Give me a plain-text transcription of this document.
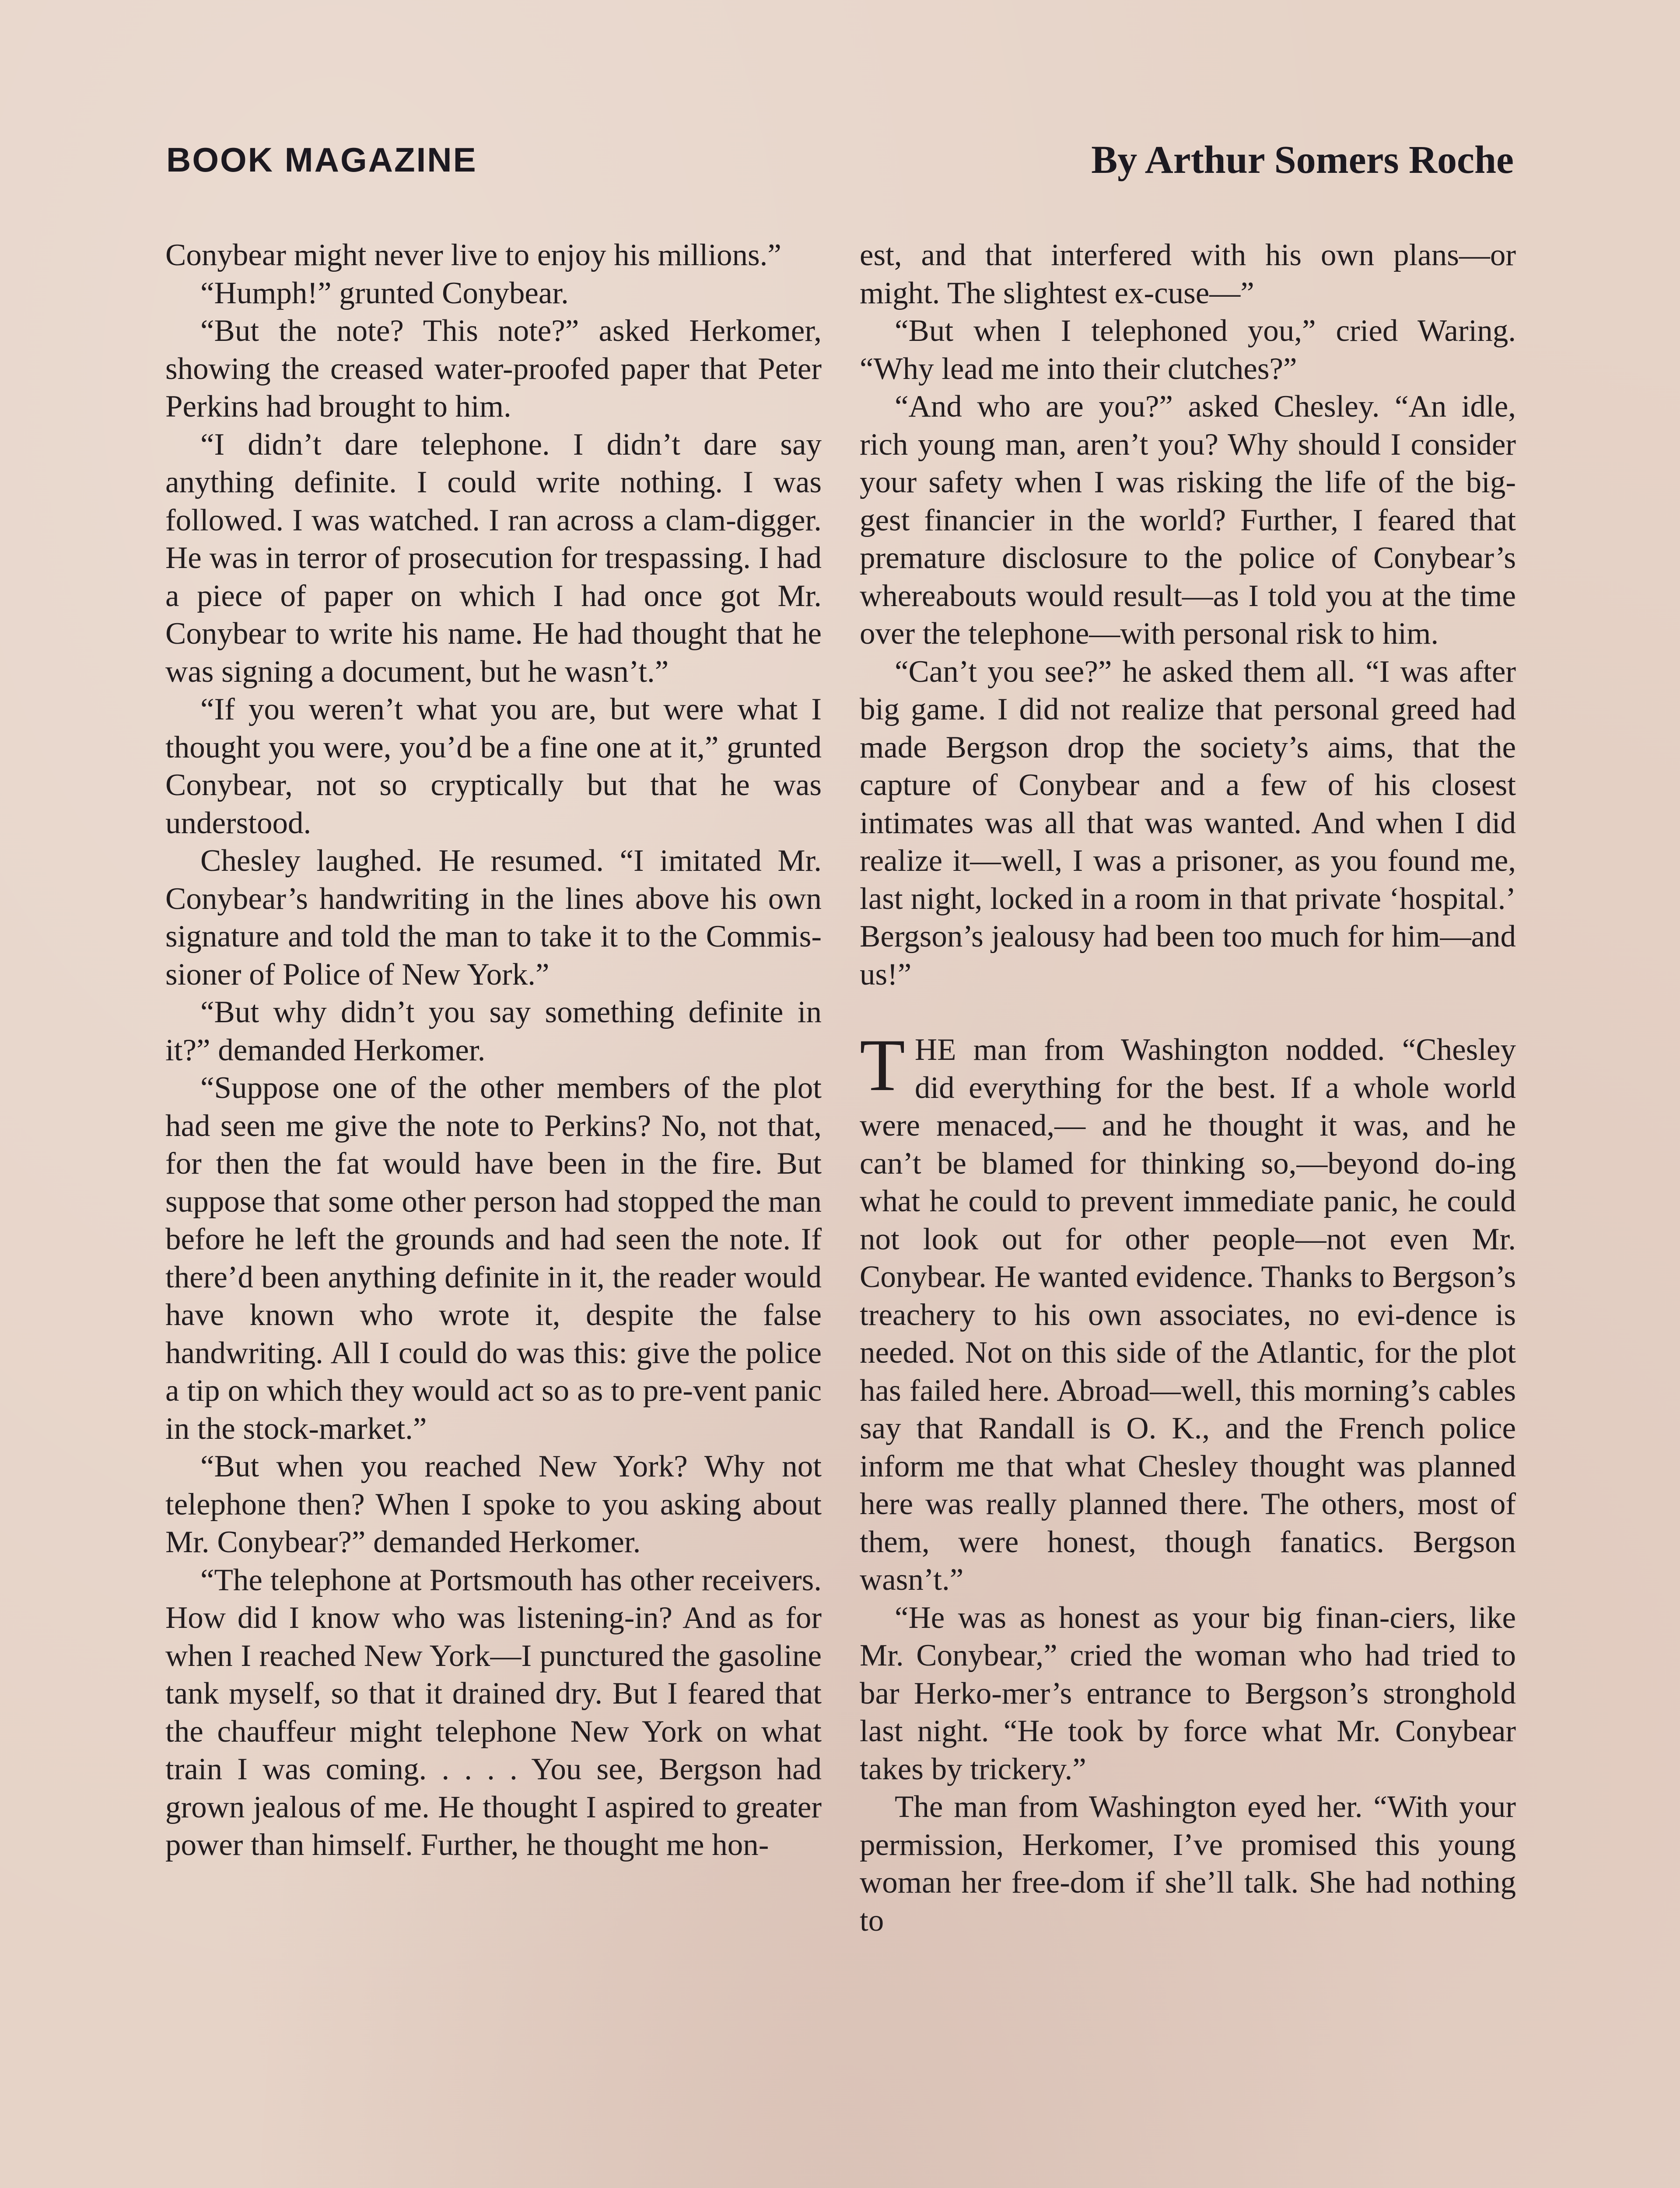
BOOK MAGAZINE	By Arthur Somers Roche

Conybear might never live to enjoy his millions.”

“Humph!” grunted Conybear.

“But the note? This note?” asked Herkomer, showing the creased water-proofed paper that Peter Perkins had brought to him.

“I didn’t dare telephone. I didn’t dare say anything definite. I could write nothing. I was followed. I was watched. I ran across a clam-digger. He was in terror of prosecution for trespassing. I had a piece of paper on which I had once got Mr. Conybear to write his name. He had thought that he was signing a document, but he wasn’t.”

“If you weren’t what you are, but were what I thought you were, you’d be a fine one at it,” grunted Conybear, not so cryptically but that he was understood.

Chesley laughed. He resumed. “I imitated Mr. Conybear’s handwriting in the lines above his own signature and told the man to take it to the Commis-sioner of Police of New York.”

“But why didn’t you say something definite in it?” demanded Herkomer.

“Suppose one of the other members of the plot had seen me give the note to Perkins? No, not that, for then the fat would have been in the fire. But suppose that some other person had stopped the man before he left the grounds and had seen the note. If there’d been anything definite in it, the reader would have known who wrote it, despite the false handwriting. All I could do was this: give the police a tip on which they would act so as to pre-vent panic in the stock-market.”

“But when you reached New York? Why not telephone then? When I spoke to you asking about Mr. Conybear?” demanded Herkomer.

“The telephone at Portsmouth has other receivers. How did I know who was listening-in? And as for when I reached New York—I punctured the gasoline tank myself, so that it drained dry. But I feared that the chauffeur might telephone New York on what train I was coming. . . . . You see, Bergson had grown jealous of me. He thought I aspired to greater power than himself. Further, he thought me hon-

est, and that interfered with his own plans—or might. The slightest ex-cuse—”

“But when I telephoned you,” cried Waring. “Why lead me into their clutches?”

“And who are you?” asked Chesley. “An idle, rich young man, aren’t you? Why should I consider your safety when I was risking the life of the big-gest financier in the world? Further, I feared that premature disclosure to the police of Conybear’s whereabouts would result—as I told you at the time over the telephone—with personal risk to him.

“Can’t you see?” he asked them all. “I was after big game. I did not realize that personal greed had made Bergson drop the society’s aims, that the capture of Conybear and a few of his closest intimates was all that was wanted. And when I did realize it—well, I was a prisoner, as you found me, last night, locked in a room in that private ‘hospital.’ Bergson’s jealousy had been too much for him—and us!”

THE man from Washington nodded. “Chesley did everything for the best. If a whole world were menaced,— and he thought it was, and he can’t be blamed for thinking so,—beyond do-ing what he could to prevent immediate panic, he could not look out for other people—not even Mr. Conybear. He wanted evidence. Thanks to Bergson’s treachery to his own associates, no evi-dence is needed. Not on this side of the Atlantic, for the plot has failed here. Abroad—well, this morning’s cables say that Randall is O. K., and the French police inform me that what Chesley thought was planned here was really planned there. The others, most of them, were honest, though fanatics. Bergson wasn’t.”

“He was as honest as your big finan-ciers, like Mr. Conybear,” cried the woman who had tried to bar Herko-mer’s entrance to Bergson’s stronghold last night. “He took by force what Mr. Conybear takes by trickery.”

The man from Washington eyed her. “With your permission, Herkomer, I’ve promised this young woman her free-dom if she’ll talk. She had nothing to
